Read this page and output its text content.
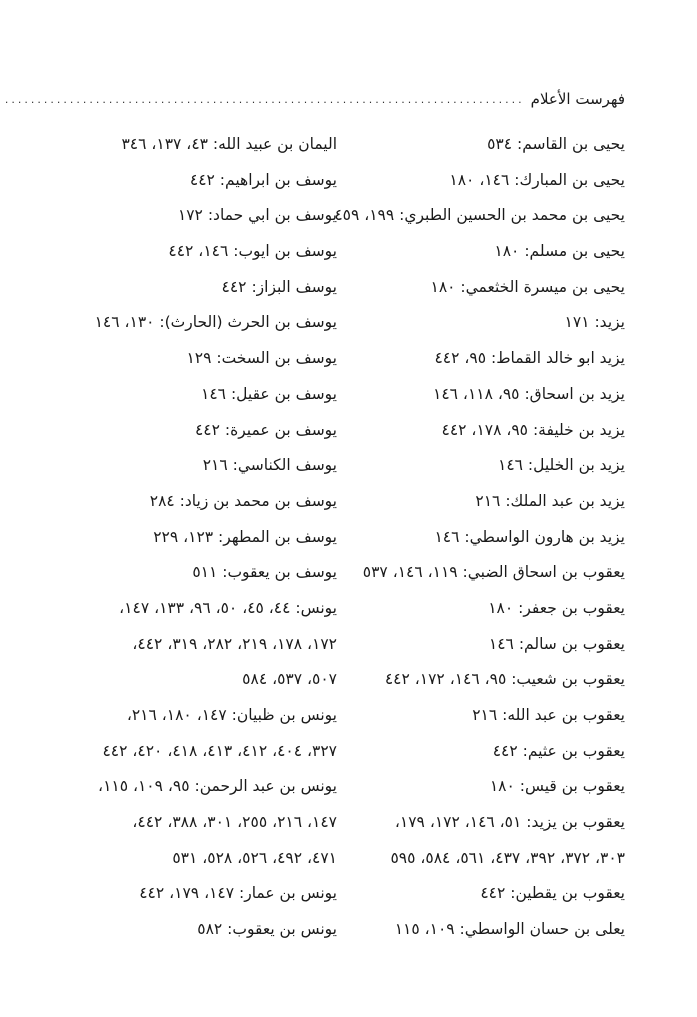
فهرست الأعلام
................................................................................
يحيى بن القاسم: ٥٣٤
يحيى بن المبارك: ١٤٦، ١٨٠
يحيى بن محمد بن الحسين الطبري: ١٩٩، ٤٥٩
يحيى بن مسلم: ١٨٠
يحيى بن ميسرة الخثعمي: ١٨٠
يزيد: ١٧١
يزيد ابو خالد القماط: ٩٥، ٤٤٢
يزيد بن اسحاق: ٩٥، ١١٨، ١٤٦
يزيد بن خليفة: ٩٥، ١٧٨، ٤٤٢
يزيد بن الخليل: ١٤٦
يزيد بن عبد الملك: ٢١٦
يزيد بن هارون الواسطي: ١٤٦
يعقوب بن اسحاق الضبي: ١١٩، ١٤٦، ٥٣٧
يعقوب بن جعفر: ١٨٠
يعقوب بن سالم: ١٤٦
يعقوب بن شعيب: ٩٥، ١٤٦، ١٧٢، ٤٤٢
يعقوب بن عبد الله: ٢١٦
يعقوب بن عثيم: ٤٤٢
يعقوب بن قيس: ١٨٠
يعقوب بن يزيد: ٥١، ١٤٦، ١٧٢، ١٧٩،
٣٠٣، ٣٧٢، ٣٩٢، ٤٣٧، ٥٦١، ٥٨٤، ٥٩٥
يعقوب بن يقطين: ٤٤٢
يعلى بن حسان الواسطي: ١٠٩، ١١٥
اليمان بن عبيد الله: ٤٣، ١٣٧، ٣٤٦
يوسف بن ابراهيم: ٤٤٢
يوسف بن ابي حماد: ١٧٢
يوسف بن ايوب: ١٤٦، ٤٤٢
يوسف البزاز: ٤٤٢
يوسف بن الحرث (الحارث): ١٣٠، ١٤٦
يوسف بن السخت: ١٢٩
يوسف بن عقيل: ١٤٦
يوسف بن عميرة: ٤٤٢
يوسف الكناسي: ٢١٦
يوسف بن محمد بن زياد: ٢٨٤
يوسف بن المطهر: ١٢٣، ٢٢٩
يوسف بن يعقوب: ٥١١
يونس: ٤٤، ٤٥، ٥٠، ٩٦، ١٣٣، ١٤٧،
١٧٢، ١٧٨، ٢١٩، ٢٨٢، ٣١٩، ٤٤٢،
٥٠٧، ٥٣٧، ٥٨٤
يونس بن ظبيان: ١٤٧، ١٨٠، ٢١٦،
٣٢٧، ٤٠٤، ٤١٢، ٤١٣، ٤١٨، ٤٢٠، ٤٤٢
يونس بن عبد الرحمن: ٩٥، ١٠٩، ١١٥،
١٤٧، ٢١٦، ٢٥٥، ٣٠١، ٣٨٨، ٤٤٢،
٤٧١، ٤٩٢، ٥٢٦، ٥٢٨، ٥٣١
يونس بن عمار: ١٤٧، ١٧٩، ٤٤٢
يونس بن يعقوب: ٥٨٢
